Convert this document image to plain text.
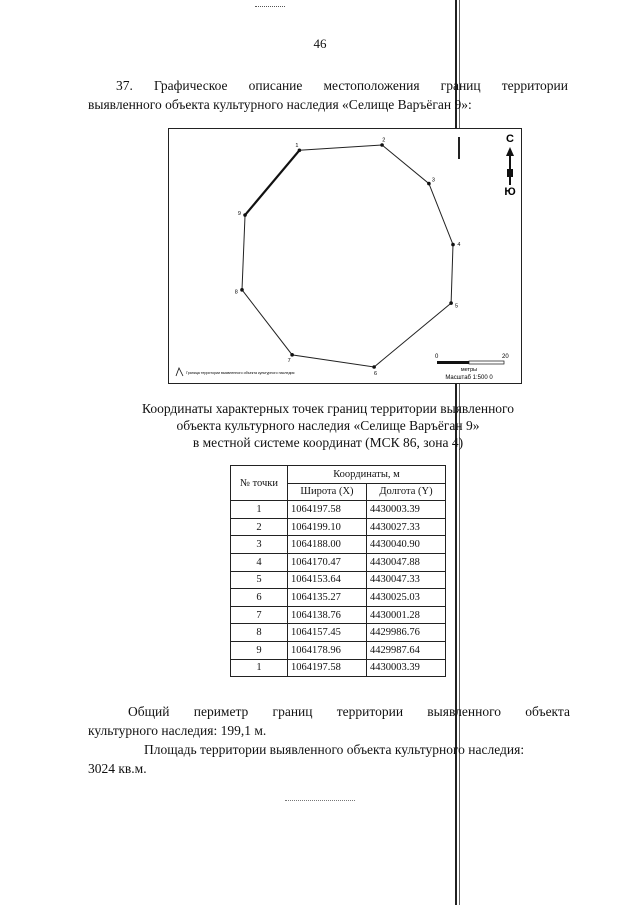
46
37. Графическое описание местоположения границ территории
выявленного объекта культурного наследия «Селище Варъёган 9»:
1
2
3
4
5
6
7
8
9
С
Ю
0	20
метры
Масштаб 1:500 0
Граница территории выявленного объекта культурного наследия
Координаты характерных точек границ территории выявленного
объекта культурного наследия «Селище Варъёган 9»
в местной системе координат (МСК 86, зона 4)
№ точки	Координаты, м	
	Широта (X)	Долгота (Y)
1	1064197.58	4430003.39
2	1064199.10	4430027.33
3	1064188.00	4430040.90
4	1064170.47	4430047.88
5	1064153.64	4430047.33
6	1064135.27	4430025.03
7	1064138.76	4430001.28
8	1064157.45	4429986.76
9	1064178.96	4429987.64
1	1064197.58	4430003.39
Общий периметр границ территории выявленного объекта
культурного наследия: 199,1 м.
Площадь территории выявленного объекта культурного наследия:
3024 кв.м.
